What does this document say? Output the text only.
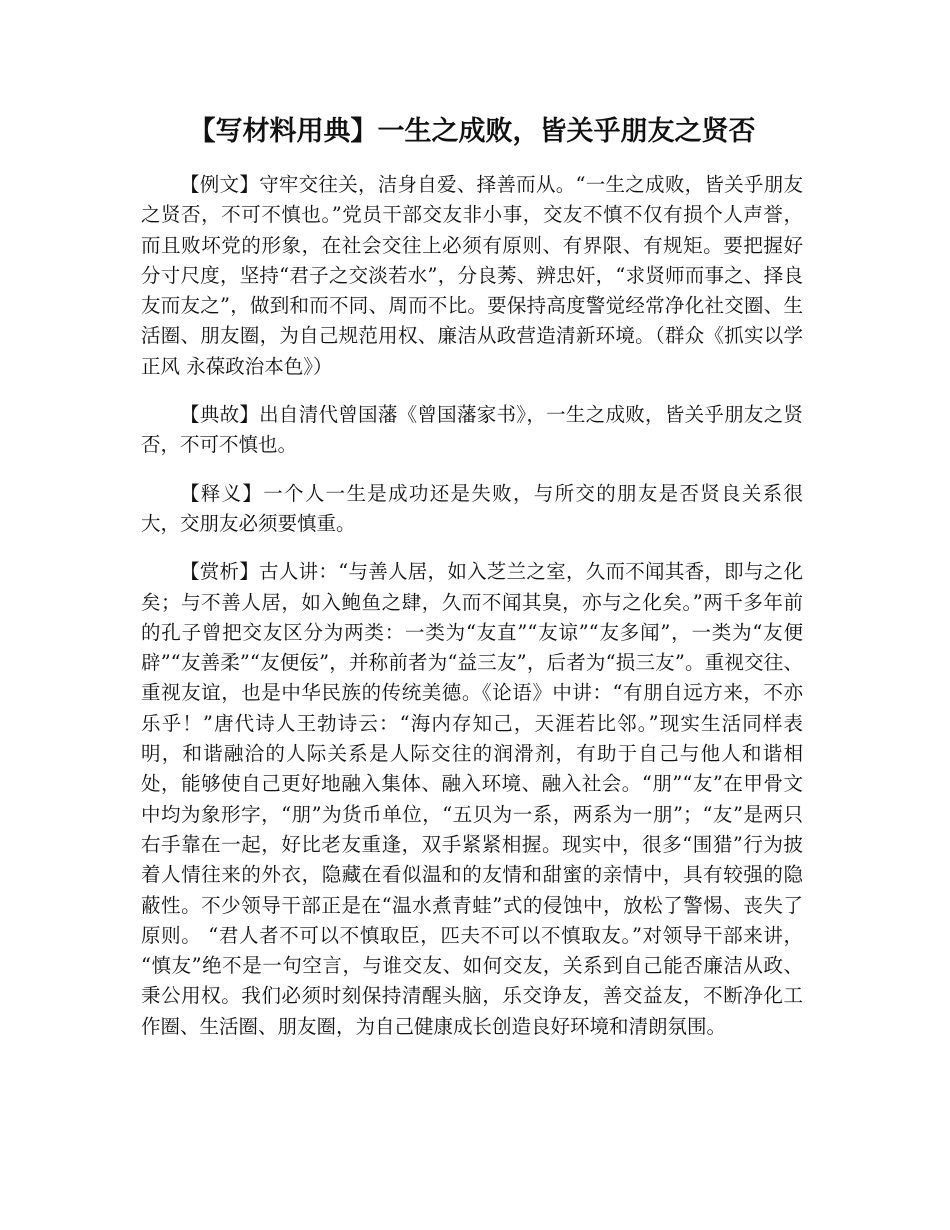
【写材料用典】一生之成败，皆关乎朋友之贤否

【例文】守牢交往关，洁身自爱、择善而从。“一生之成败，皆关乎朋友之贤否，不可不慎也。”党员干部交友非小事，交友不慎不仅有损个人声誉，而且败坏党的形象，在社会交往上必须有原则、有界限、有规矩。要把握好分寸尺度，坚持“君子之交淡若水”，分良莠、辨忠奸，“求贤师而事之、择良友而友之”，做到和而不同、周而不比。要保持高度警觉经常净化社交圈、生活圈、朋友圈，为自己规范用权、廉洁从政营造清新环境。（群众《抓实以学正风 永葆政治本色》）

【典故】出自清代曾国藩《曾国藩家书》，一生之成败，皆关乎朋友之贤否，不可不慎也。

【释义】一个人一生是成功还是失败，与所交的朋友是否贤良关系很大，交朋友必须要慎重。

【赏析】古人讲：“与善人居，如入芝兰之室，久而不闻其香，即与之化矣；与不善人居，如入鲍鱼之肆，久而不闻其臭，亦与之化矣。”两千多年前的孔子曾把交友区分为两类：一类为“友直”“友谅”“友多闻”，一类为“友便辟”“友善柔”“友便佞”，并称前者为“益三友”，后者为“损三友”。重视交往、重视友谊，也是中华民族的传统美德。《论语》中讲：“有朋自远方来，不亦乐乎！”唐代诗人王勃诗云：“海内存知己，天涯若比邻。”现实生活同样表明，和谐融洽的人际关系是人际交往的润滑剂，有助于自己与他人和谐相处，能够使自己更好地融入集体、融入环境、融入社会。“朋”“友”在甲骨文中均为象形字，“朋”为货币单位，“五贝为一系，两系为一朋”；“友”是两只右手靠在一起，好比老友重逢，双手紧紧相握。现实中，很多“围猎”行为披着人情往来的外衣，隐藏在看似温和的友情和甜蜜的亲情中，具有较强的隐蔽性。不少领导干部正是在“温水煮青蛙”式的侵蚀中，放松了警惕、丧失了原则。 “君人者不可以不慎取臣，匹夫不可以不慎取友。”对领导干部来讲， “慎友”绝不是一句空言，与谁交友、如何交友，关系到自己能否廉洁从政、秉公用权。我们必须时刻保持清醒头脑，乐交诤友，善交益友，不断净化工作圈、生活圈、朋友圈，为自己健康成长创造良好环境和清朗氛围。
